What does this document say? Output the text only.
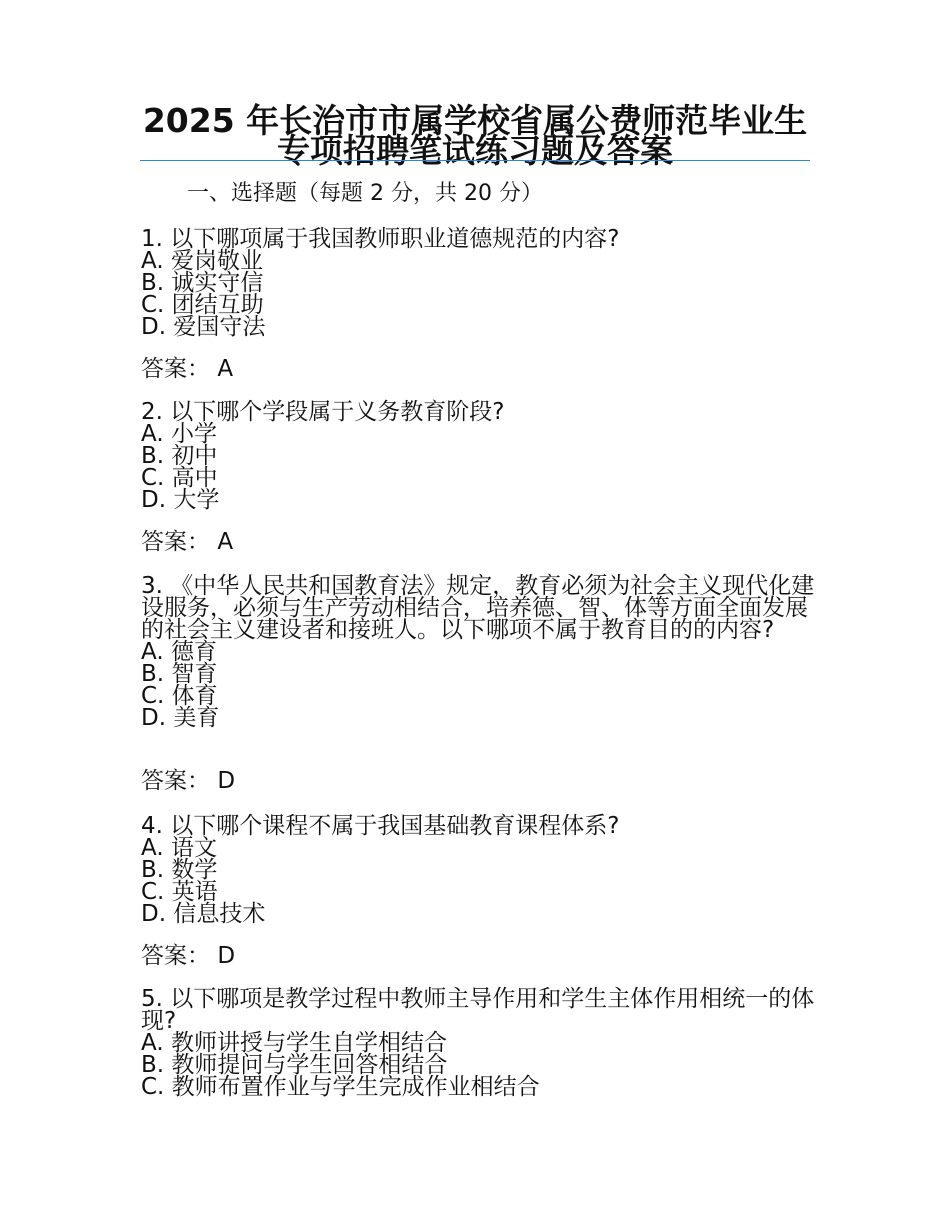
2025 年长治市市属学校省属公费师范毕业生专项招聘笔试练习题及答案
一、选择题（每题 2 分，共 20 分）
1. 以下哪项属于我国教师职业道德规范的内容?
A. 爱岗敬业
B. 诚实守信
C. 团结互助
D. 爱国守法
答案： A
2. 以下哪个学段属于义务教育阶段?
A. 小学
B. 初中
C. 高中
D. 大学
答案： A
3. 《中华人民共和国教育法》规定，教育必须为社会主义现代化建设服务，必须与生产劳动相结合，培养德、智、体等方面全面发展的社会主义建设者和接班人。以下哪项不属于教育目的的内容?
A. 德育
B. 智育
C. 体育
D. 美育
答案： D
4. 以下哪个课程不属于我国基础教育课程体系?
A. 语文
B. 数学
C. 英语
D. 信息技术
答案： D
5. 以下哪项是教学过程中教师主导作用和学生主体作用相统一的体现?
A. 教师讲授与学生自学相结合
B. 教师提问与学生回答相结合
C. 教师布置作业与学生完成作业相结合
